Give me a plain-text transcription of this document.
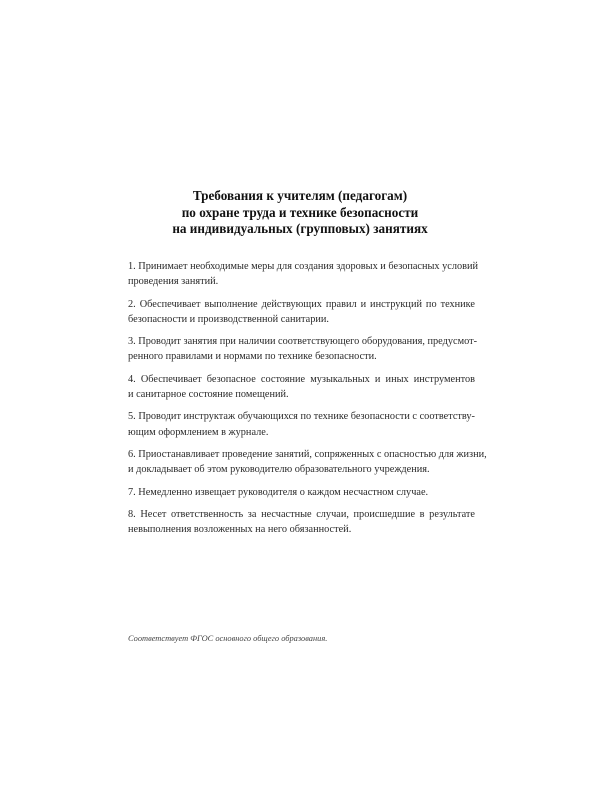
Требования к учителям (педагогам)
по охране труда и технике безопасности
на индивидуальных (групповых) занятиях
1. Принимает необходимые меры для создания здоровых и безопасных условий
проведения занятий.
2. Обеспечивает выполнение действующих правил и инструкций по технике
безопасности и производственной санитарии.
3. Проводит занятия при наличии соответствующего оборудования, предусмот-
ренного правилами и нормами по технике безопасности.
4. Обеспечивает безопасное состояние музыкальных и иных инструментов
и санитарное состояние помещений.
5. Проводит инструктаж обучающихся по технике безопасности с соответству-
ющим оформлением в журнале.
6. Приостанавливает проведение занятий, сопряженных с опасностью для жизни,
и докладывает об этом руководителю образовательного учреждения.
7. Немедленно извещает руководителя о каждом несчастном случае.
8. Несет ответственность за несчастные случаи, происшедшие в результате
невыполнения возложенных на него обязанностей.
Соответствует ФГОС основного общего образования.
